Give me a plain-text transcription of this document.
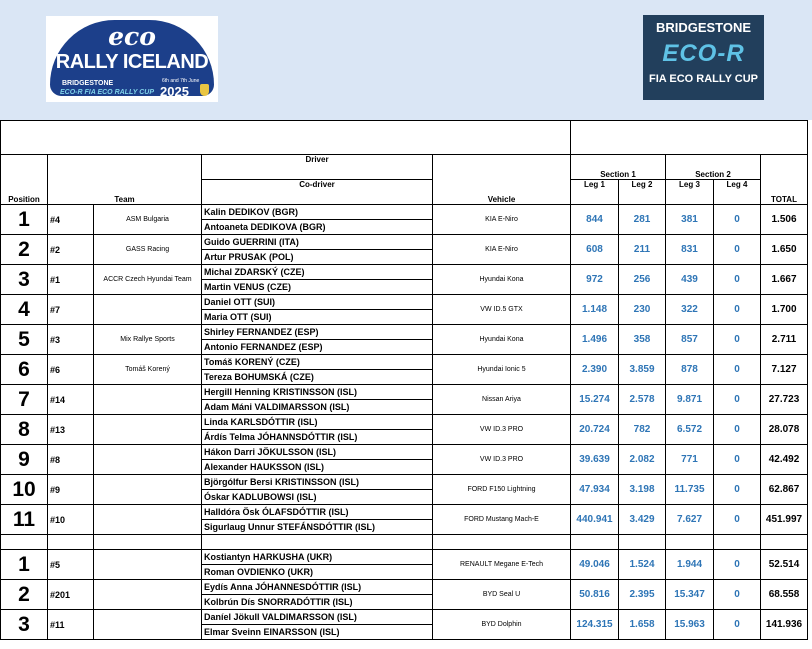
eco
RALLY ICELAND
BRIDGESTONE
ECO-R FIA ECO RALLY CUP
6th and 7th June
2025
BRIDGESTONE
ECO-R
FIA ECO RALLY CUP

Position	Team		Driver	Vehicle	Section 1		Section 2		TOTAL
			Co-driver		Leg 1	Leg 2	Leg 3	Leg 4	
1	#4	ASM Bulgaria	Kalin DEDIKOV (BGR)	KIA E-Niro	844	281	381	0	1.506
			Antoaneta DEDIKOVA (BGR)						
2	#2	GASS Racing	Guido GUERRINI (ITA)	KIA E-Niro	608	211	831	0	1.650
			Artur PRUSAK (POL)						
3	#1	ACCR Czech Hyundai Team	Michal ZDARSKÝ (CZE)	Hyundai Kona	972	256	439	0	1.667
			Martin VENUS (CZE)						
4	#7		Daniel OTT (SUI)	VW ID.5 GTX	1.148	230	322	0	1.700
			Maria OTT (SUI)						
5	#3	Mix Rallye Sports	Shirley FERNANDEZ (ESP)	Hyundai Kona	1.496	358	857	0	2.711
			Antonio FERNANDEZ (ESP)						
6	#6	Tomáš Korený	Tomáš KORENÝ (CZE)	Hyundai Ionic 5	2.390	3.859	878	0	7.127
			Tereza BOHUMSKÁ (CZE)						
7	#14		Hergill Henning KRISTINSSON (ISL)	Nissan Ariya	15.274	2.578	9.871	0	27.723
			Adam Máni VALDIMARSSON (ISL)						
8	#13		Linda KARLSDÓTTIR (ISL)	VW ID.3 PRO	20.724	782	6.572	0	28.078
			Árdís Telma JÓHANNSDÓTTIR (ISL)						
9	#8		Hákon Darri JÖKULSSON (ISL)	VW ID.3 PRO	39.639	2.082	771	0	42.492
			Alexander HAUKSSON (ISL)						
10	#9		Björgólfur Bersi KRISTINSSON (ISL)	FORD F150 Lightning	47.934	3.198	11.735	0	62.867
			Óskar KADLUBOWSI (ISL)						
11	#10		Halldóra Ösk ÓLAFSDÓTTIR (ISL)	FORD Mustang Mach-E	440.941	3.429	7.627	0	451.997
			Sigurlaug Unnur STEFÁNSDÓTTIR (ISL)						

1	#5		Kostiantyn HARKUSHA (UKR)	RENAULT Megane E-Tech	49.046	1.524	1.944	0	52.514
			Roman OVDIENKO (UKR)						
2	#201		Eydís Anna JÓHANNESDÓTTIR (ISL)	BYD Seal U	50.816	2.395	15.347	0	68.558
			Kolbrún Dís SNORRADÓTTIR (ISL)						
3	#11		Daníel Jökull VALDIMARSSON (ISL)	BYD Dolphin	124.315	1.658	15.963	0	141.936
			Elmar Sveinn EINARSSON (ISL)						
